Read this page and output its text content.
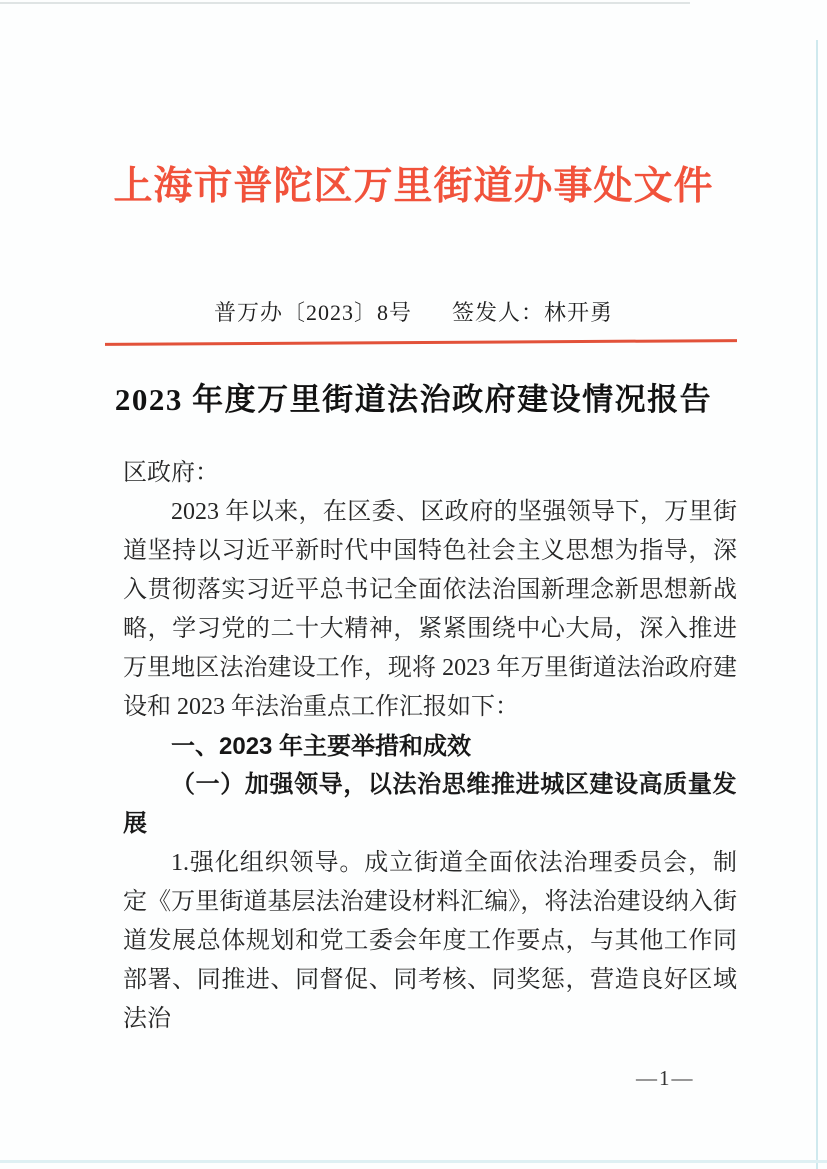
上海市普陀区万里街道办事处文件
普万办〔2023〕8号 签发人：林开勇
2023 年度万里街道法治政府建设情况报告

区政府：

2023 年以来，在区委、区政府的坚强领导下，万里街道坚持以习近平新时代中国特色社会主义思想为指导，深入贯彻落实习近平总书记全面依法治国新理念新思想新战略，学习党的二十大精神，紧紧围绕中心大局，深入推进万里地区法治建设工作，现将 2023 年万里街道法治政府建设和 2023 年法治重点工作汇报如下：

一、2023 年主要举措和成效

（一）加强领导，以法治思维推进城区建设高质量发展

1.强化组织领导。成立街道全面依法治理委员会，制定《万里街道基层法治建设材料汇编》，将法治建设纳入街道发展总体规划和党工委会年度工作要点，与其他工作同部署、同推进、同督促、同考核、同奖惩，营造良好区域法治

—1—
